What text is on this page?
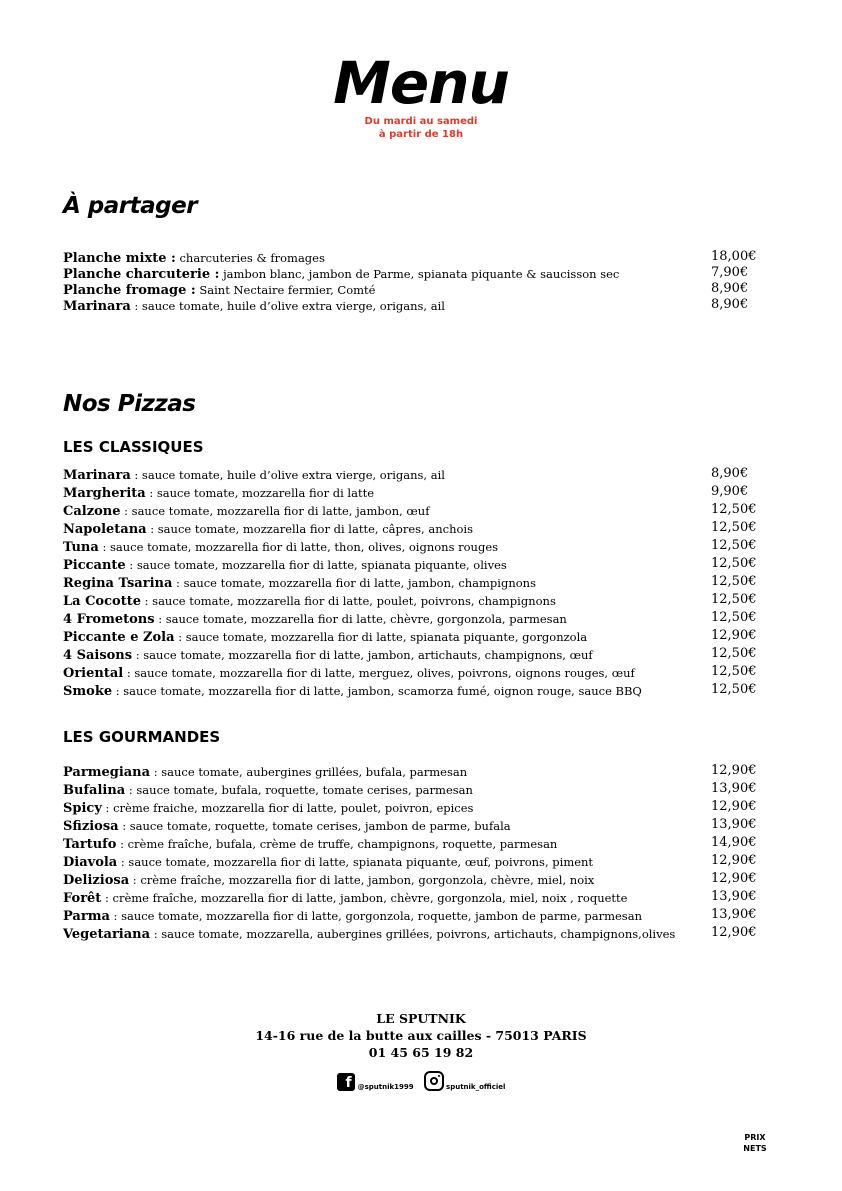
Menu
Du mardi au samedi
à partir de 18h
À partager
Planche mixte : charcuteries & fromages	18,00€
Planche charcuterie : jambon blanc, jambon de Parme, spianata piquante & saucisson sec	7,90€
Planche fromage : Saint Nectaire fermier, Comté	8,90€
Marinara : sauce tomate, huile d’olive extra vierge, origans, ail	8,90€
Nos Pizzas
LES CLASSIQUES
Marinara : sauce tomate, huile d’olive extra vierge, origans, ail	8,90€
Margherita : sauce tomate, mozzarella fior di latte	9,90€
Calzone : sauce tomate, mozzarella fior di latte, jambon, œuf	12,50€
Napoletana : sauce tomate, mozzarella fior di latte, câpres, anchois	12,50€
Tuna : sauce tomate, mozzarella fior di latte, thon, olives, oignons rouges	12,50€
Piccante : sauce tomate, mozzarella fior di latte, spianata piquante, olives	12,50€
Regina Tsarina : sauce tomate, mozzarella fior di latte, jambon, champignons	12,50€
La Cocotte : sauce tomate, mozzarella fior di latte, poulet, poivrons, champignons	12,50€
4 Frometons : sauce tomate, mozzarella fior di latte, chèvre, gorgonzola, parmesan	12,50€
Piccante e Zola : sauce tomate, mozzarella fior di latte, spianata piquante, gorgonzola	12,90€
4 Saisons : sauce tomate, mozzarella fior di latte, jambon, artichauts, champignons, œuf	12,50€
Oriental : sauce tomate, mozzarella fior di latte, merguez, olives, poivrons, oignons rouges, œuf	12,50€
Smoke : sauce tomate, mozzarella fior di latte, jambon, scamorza fumé, oignon rouge, sauce BBQ	12,50€
LES GOURMANDES
Parmegiana : sauce tomate, aubergines grillées, bufala, parmesan	12,90€
Bufalina : sauce tomate, bufala, roquette, tomate cerises, parmesan	13,90€
Spicy : crème fraiche, mozzarella fior di latte, poulet, poivron, epices	12,90€
Sfiziosa : sauce tomate, roquette, tomate cerises, jambon de parme, bufala	13,90€
Tartufo : crème fraîche, bufala, crème de truffe, champignons, roquette, parmesan	14,90€
Diavola : sauce tomate, mozzarella fior di latte, spianata piquante, œuf, poivrons, piment	12,90€
Deliziosa : crème fraîche, mozzarella fior di latte, jambon, gorgonzola, chèvre, miel, noix	12,90€
Forêt : crème fraîche, mozzarella fior di latte, jambon, chèvre, gorgonzola, miel, noix , roquette	13,90€
Parma : sauce tomate, mozzarella fior di latte, gorgonzola, roquette, jambon de parme, parmesan	13,90€
Vegetariana : sauce tomate, mozzarella, aubergines grillées, poivrons, artichauts, champignons,olives	12,90€
LE SPUTNIK
14-16 rue de la butte aux cailles - 75013 PARIS
01 45 65 19 82
f @sputnik1999
	sputnik_officiel
PRIX
NETS
